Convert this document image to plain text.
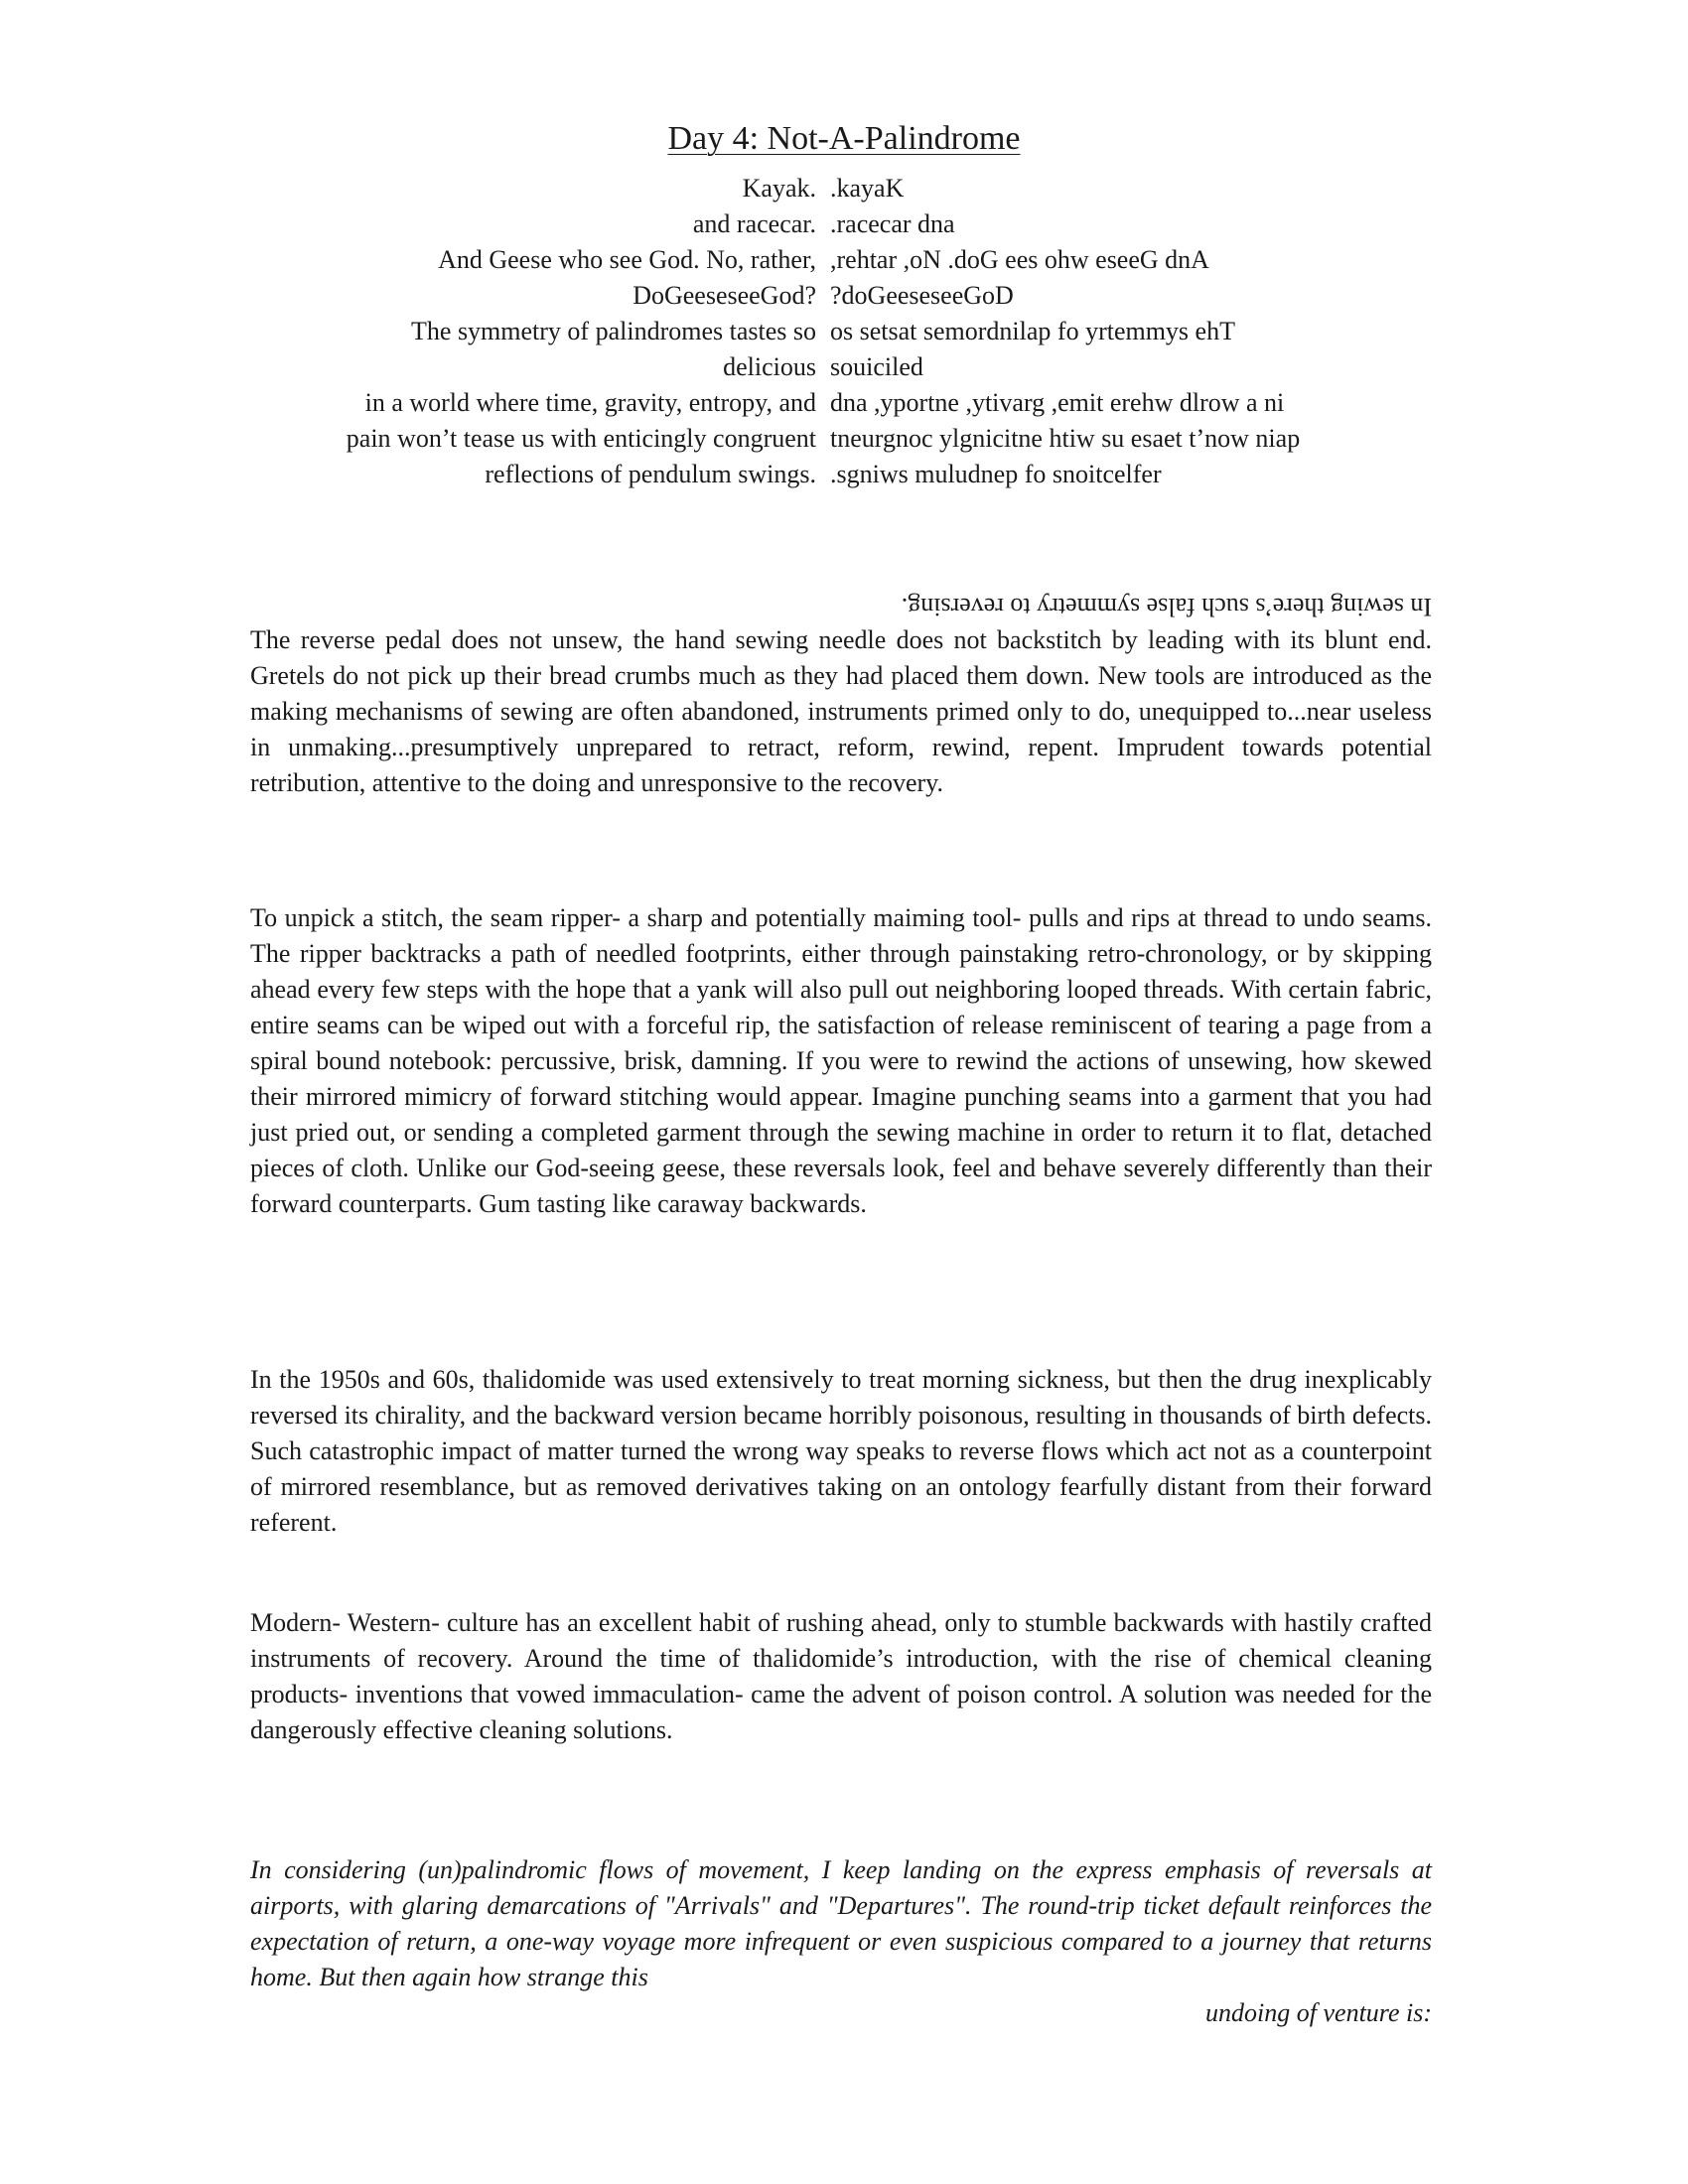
Day 4: Not-A-Palindrome
Kayak. .kayaK
and racecar. .racecar dna
And Geese who see God. No, rather, ,rehtar ,oN .doG ees ohw eseeG dnA
DoGeeseseeGod? ?doGeeseseeGoD
The symmetry of palindromes tastes so os setsat semordnilap fo yrtemmys ehT
delicious souiciled
in a world where time, gravity, entropy, and dna ,yportne ,ytivarg ,emit erehw dlrow a ni
pain won’t tease us with enticingly congruent tneurgnoc ylgnicitne htiw su esaet t’now niap
reflections of pendulum swings. .sgniws muludnep fo snoitcelfer
In sewing there’s such false symmetry to reversing.

The reverse pedal does not unsew, the hand sewing needle does not backstitch by leading with its blunt end. Gretels do not pick up their bread crumbs much as they had placed them down. New tools are introduced as the making mechanisms of sewing are often abandoned, instruments primed only to do, unequipped to...near useless in unmaking...presumptively unprepared to retract, reform, rewind, repent. Imprudent towards potential retribution, attentive to the doing and unresponsive to the recovery.

To unpick a stitch, the seam ripper- a sharp and potentially maiming tool- pulls and rips at thread to undo seams. The ripper backtracks a path of needled footprints, either through painstaking retro-chronology, or by skipping ahead every few steps with the hope that a yank will also pull out neighboring looped threads. With certain fabric, entire seams can be wiped out with a forceful rip, the satisfaction of release reminiscent of tearing a page from a spiral bound notebook: percussive, brisk, damning. If you were to rewind the actions of unsewing, how skewed their mirrored mimicry of forward stitching would appear. Imagine punching seams into a garment that you had just pried out, or sending a completed garment through the sewing machine in order to return it to flat, detached pieces of cloth. Unlike our God-seeing geese, these reversals look, feel and behave severely differently than their forward counterparts. Gum tasting like caraway backwards.

In the 1950s and 60s, thalidomide was used extensively to treat morning sickness, but then the drug inexplicably reversed its chirality, and the backward version became horribly poisonous, resulting in thousands of birth defects. Such catastrophic impact of matter turned the wrong way speaks to reverse flows which act not as a counterpoint of mirrored resemblance, but as removed derivatives taking on an ontology fearfully distant from their forward referent.

Modern- Western- culture has an excellent habit of rushing ahead, only to stumble backwards with hastily crafted instruments of recovery. Around the time of thalidomide’s introduction, with the rise of chemical cleaning products- inventions that vowed immaculation- came the advent of poison control. A solution was needed for the dangerously effective cleaning solutions.

In considering (un)palindromic flows of movement, I keep landing on the express emphasis of reversals at airports, with glaring demarcations of "Arrivals" and "Departures". The round-trip ticket default reinforces the expectation of return, a one-way voyage more infrequent or even suspicious compared to a journey that returns home. But then again how strange this
undoing of venture is:
